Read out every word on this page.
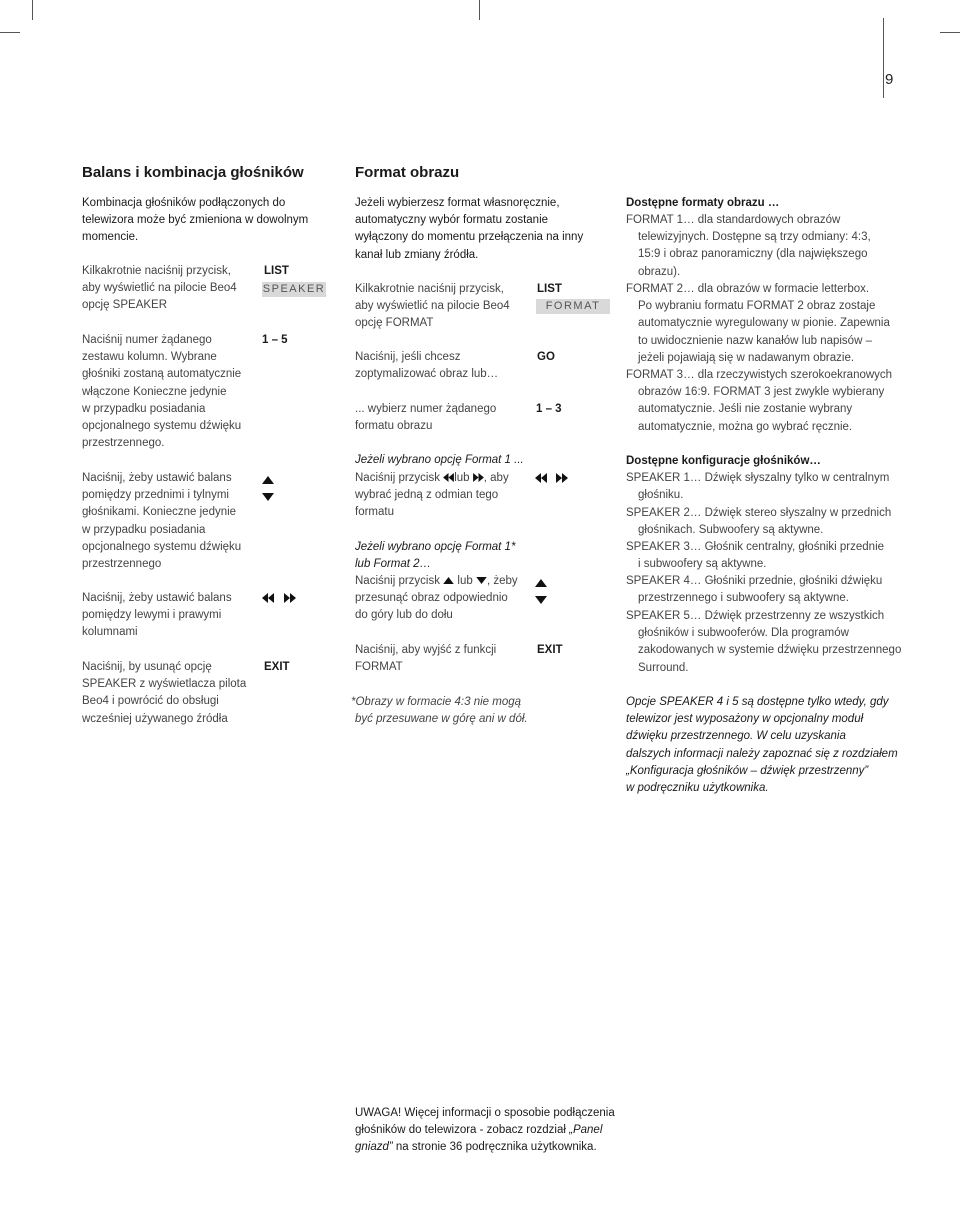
9
Balans i kombinacja głośników
Kombinacja głośników podłączonych do
telewizora może być zmieniona w dowolnym
momencie.
Kilkakrotnie naciśnij przycisk,
aby wyświetlić na pilocie Beo4
opcję SPEAKER
LIST
SPEAKER
Naciśnij numer żądanego
zestawu kolumn. Wybrane
głośniki zostaną automatycznie
włączone Konieczne jedynie
w przypadku posiadania
opcjonalnego systemu dźwięku
przestrzennego.
1 – 5
Naciśnij, żeby ustawić balans
pomiędzy przednimi i tylnymi
głośnikami. Konieczne jedynie
w przypadku posiadania
opcjonalnego systemu dźwięku
przestrzennego
Naciśnij, żeby ustawić balans
pomiędzy lewymi i prawymi
kolumnami
Naciśnij, by usunąć opcję
SPEAKER z wyświetlacza pilota
Beo4 i powrócić do obsługi
wcześniej używanego źródła
EXIT
Format obrazu
Jeżeli wybierzesz format własnoręcznie,
automatyczny wybór formatu zostanie
wyłączony do momentu przełączenia na inny
kanał lub zmiany źródła.
Kilkakrotnie naciśnij przycisk,
aby wyświetlić na pilocie Beo4
opcję FORMAT
LIST
FORMAT
Naciśnij, jeśli chcesz
zoptymalizować obraz lub…
GO
... wybierz numer żądanego
formatu obrazu
1 – 3
Jeżeli wybrano opcję Format 1 ...
Naciśnij przycisk lub , aby
wybrać jedną z odmian tego
formatu
Jeżeli wybrano opcję Format 1*
lub Format 2…
Naciśnij przycisk lub , żeby
przesunąć obraz odpowiednio
do góry lub do dołu
Naciśnij, aby wyjść z funkcji
FORMAT
EXIT
*Obrazy w formacie 4:3 nie mogą
być przesuwane w górę ani w dół.
Dostępne formaty obrazu …
FORMAT 1… dla standardowych obrazów
telewizyjnych. Dostępne są trzy odmiany: 4:3,
15:9 i obraz panoramiczny (dla największego
obrazu).
FORMAT 2… dla obrazów w formacie letterbox.
Po wybraniu formatu FORMAT 2 obraz zostaje
automatycznie wyregulowany w pionie. Zapewnia
to uwidocznienie nazw kanałów lub napisów –
jeżeli pojawiają się w nadawanym obrazie.
FORMAT 3… dla rzeczywistych szerokoekranowych
obrazów 16:9. FORMAT 3 jest zwykle wybierany
automatycznie. Jeśli nie zostanie wybrany
automatycznie, można go wybrać ręcznie.
Dostępne konfiguracje głośników…
SPEAKER 1… Dźwięk słyszalny tylko w centralnym
głośniku.
SPEAKER 2… Dźwięk stereo słyszalny w przednich
głośnikach. Subwoofery są aktywne.
SPEAKER 3… Głośnik centralny, głośniki przednie
i subwoofery są aktywne.
SPEAKER 4… Głośniki przednie, głośniki dźwięku
przestrzennego i subwoofery są aktywne.
SPEAKER 5… Dźwięk przestrzenny ze wszystkich
głośników i subwooferów. Dla programów
zakodowanych w systemie dźwięku przestrzennego
Surround.
Opcje SPEAKER 4 i 5 są dostępne tylko wtedy, gdy
telewizor jest wyposażony w opcjonalny moduł
dźwięku przestrzennego. W celu uzyskania
dalszych informacji należy zapoznać się z rozdziałem
„Konfiguracja głośników – dźwięk przestrzenny”
w podręczniku użytkownika.
UWAGA! Więcej informacji o sposobie podłączenia
głośników do telewizora - zobacz rozdział „Panel
gniazd” na stronie 36 podręcznika użytkownika.
